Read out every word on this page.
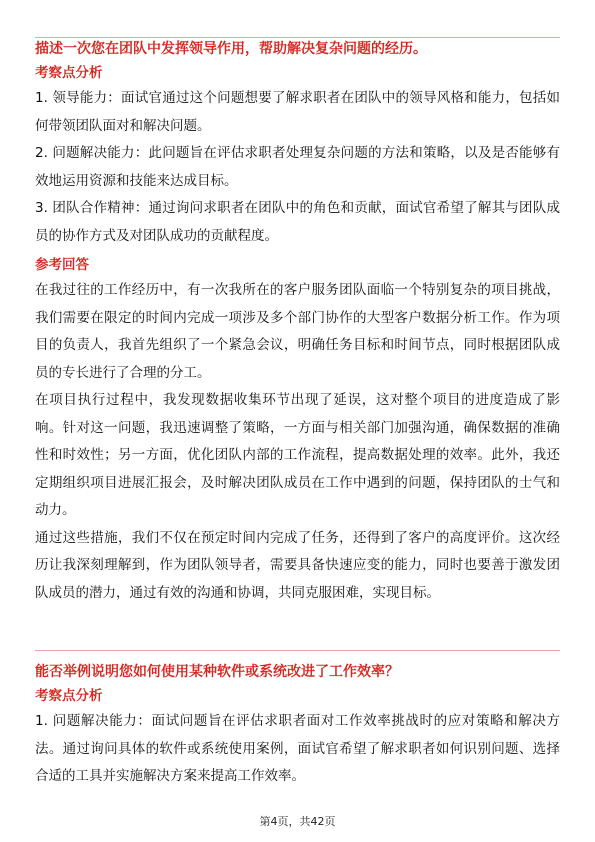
描述一次您在团队中发挥领导作用，帮助解决复杂问题的经历。
考察点分析

1. 领导能力：面试官通过这个问题想要了解求职者在团队中的领导风格和能力，包括如何带领团队面对和解决问题。

2. 问题解决能力：此问题旨在评估求职者处理复杂问题的方法和策略，以及是否能够有效地运用资源和技能来达成目标。

3. 团队合作精神：通过询问求职者在团队中的角色和贡献，面试官希望了解其与团队成员的协作方式及对团队成功的贡献程度。

参考回答

在我过往的工作经历中，有一次我所在的客户服务团队面临一个特别复杂的项目挑战，我们需要在限定的时间内完成一项涉及多个部门协作的大型客户数据分析工作。作为项目的负责人，我首先组织了一个紧急会议，明确任务目标和时间节点，同时根据团队成员的专长进行了合理的分工。

在项目执行过程中，我发现数据收集环节出现了延误，这对整个项目的进度造成了影响。针对这一问题，我迅速调整了策略，一方面与相关部门加强沟通，确保数据的准确性和时效性；另一方面，优化团队内部的工作流程，提高数据处理的效率。此外，我还定期组织项目进展汇报会，及时解决团队成员在工作中遇到的问题，保持团队的士气和动力。

通过这些措施，我们不仅在预定时间内完成了任务，还得到了客户的高度评价。这次经历让我深刻理解到，作为团队领导者，需要具备快速应变的能力，同时也要善于激发团队成员的潜力，通过有效的沟通和协调，共同克服困难，实现目标。

能否举例说明您如何使用某种软件或系统改进了工作效率？
考察点分析

1. 问题解决能力：面试问题旨在评估求职者面对工作效率挑战时的应对策略和解决方法。通过询问具体的软件或系统使用案例，面试官希望了解求职者如何识别问题、选择合适的工具并实施解决方案来提高工作效率。

第4页，共42页
